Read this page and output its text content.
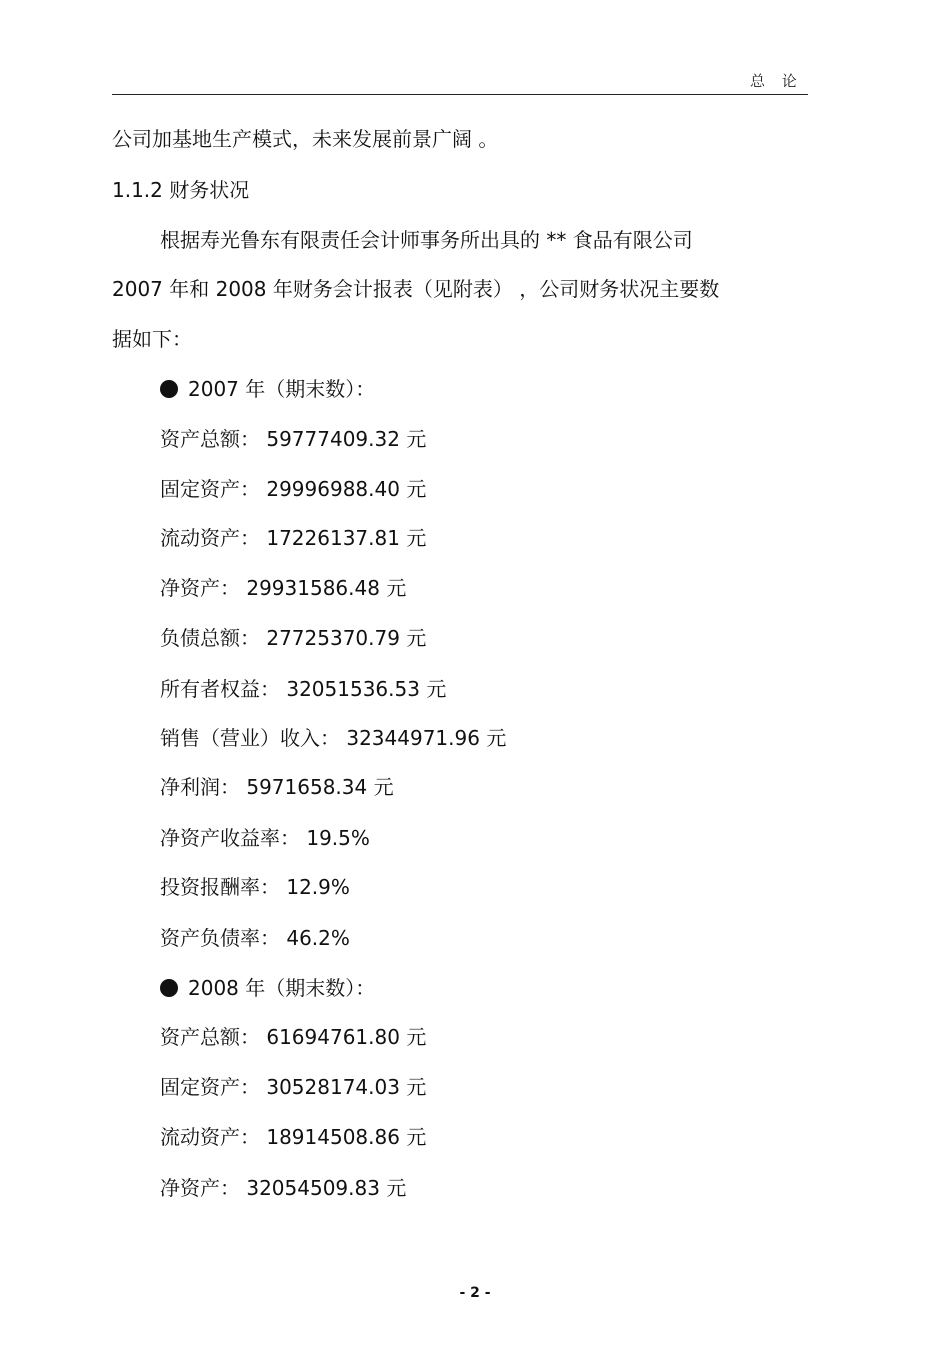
总 论
公司加基地生产模式，未来发展前景广阔 。
1.1.2 财务状况
根据寿光鲁东有限责任会计师事务所出具的 ** 食品有限公司
2007 年和 2008 年财务会计报表（见附表） ，公司财务状况主要数
据如下：
2007 年（期末数）：
资产总额： 59777409.32 元
固定资产： 29996988.40 元
流动资产： 17226137.81 元
净资产： 29931586.48 元
负债总额： 27725370.79 元
所有者权益： 32051536.53 元
销售（营业）收入： 32344971.96 元
净利润： 5971658.34 元
净资产收益率： 19.5%
投资报酬率： 12.9%
资产负债率： 46.2%
2008 年（期末数）：
资产总额： 61694761.80 元
固定资产： 30528174.03 元
流动资产： 18914508.86 元
净资产： 32054509.83 元
- 2 -
